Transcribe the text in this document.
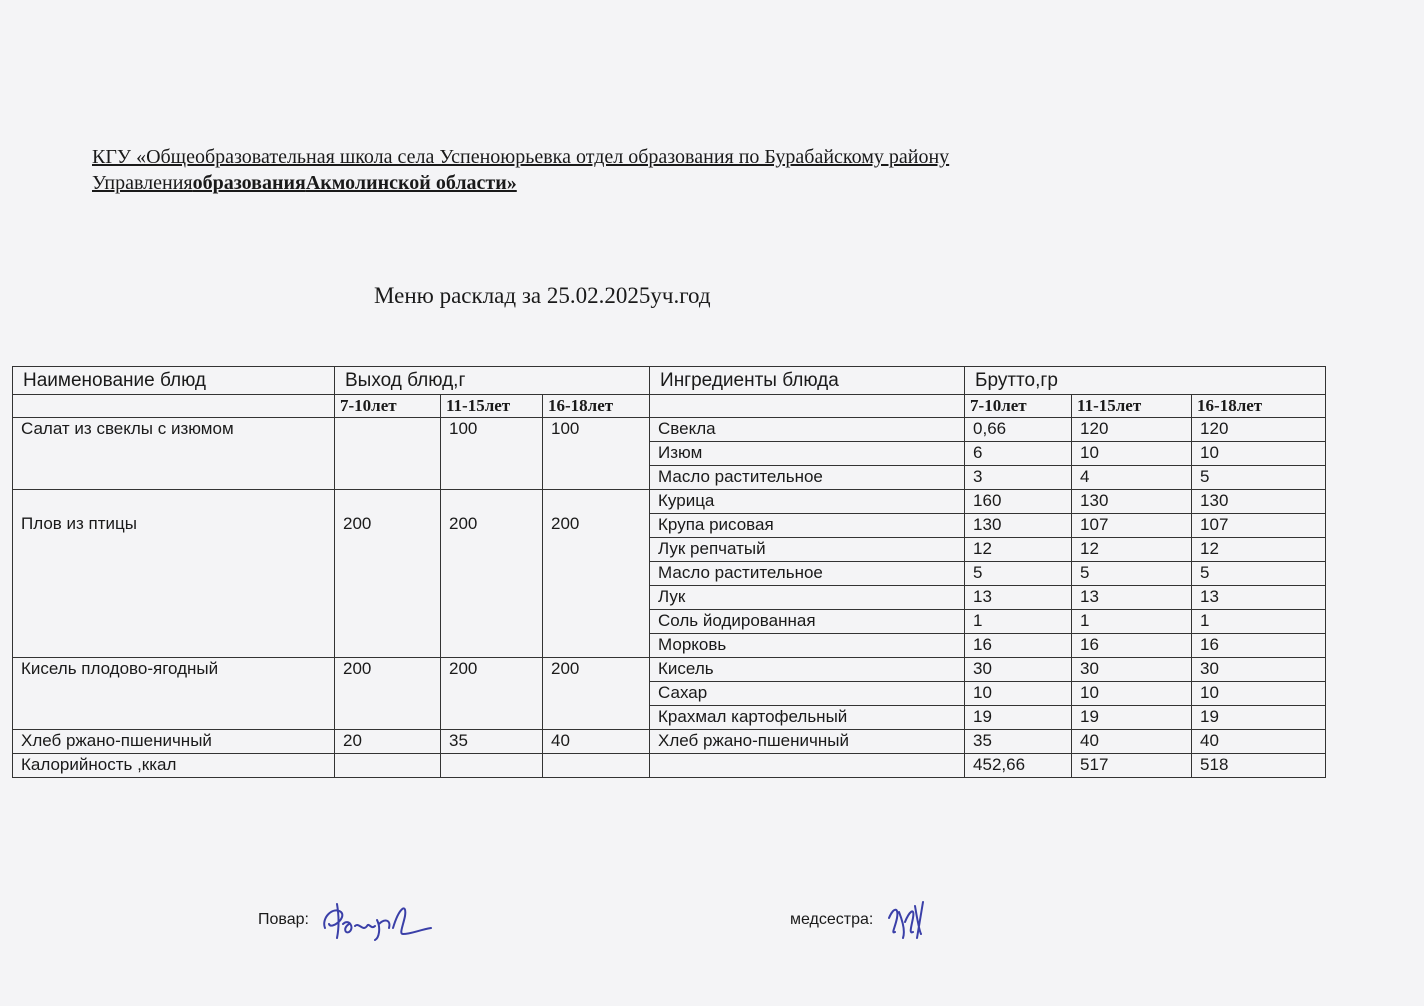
КГУ «Общеобразовательная школа села Успеноюрьевка отдел образования по Бурабайскому району
УправленияобразованияАкмолинской области»
Меню расклад за 25.02.2025уч.год
Наименование блюд	Выход блюд,г			Ингредиенты блюда	Брутто,гр		
	7-10лет	11-15лет	16-18лет		7-10лет	11-15лет	16-18лет
Салат из свеклы с изюмом		100	100	Свекла	0,66	120	120
				Изюм	6	10	10
				Масло растительное	3	4	5
Плов из птицы	200	200	200	Курица	160	130	130
				Крупа рисовая	130	107	107
				Лук репчатый	12	12	12
				Масло растительное	5	5	5
				Лук	13	13	13
				Соль йодированная	1	1	1
				Морковь	16	16	16
Кисель плодово-ягодный	200	200	200	Кисель	30	30	30
				Сахар	10	10	10
				Крахмал картофельный	19	19	19
Хлеб ржано-пшеничный	20	35	40	Хлеб ржано-пшеничный	35	40	40
Калорийность ,ккал					452,66	517	518
Повар:	медсестра:
